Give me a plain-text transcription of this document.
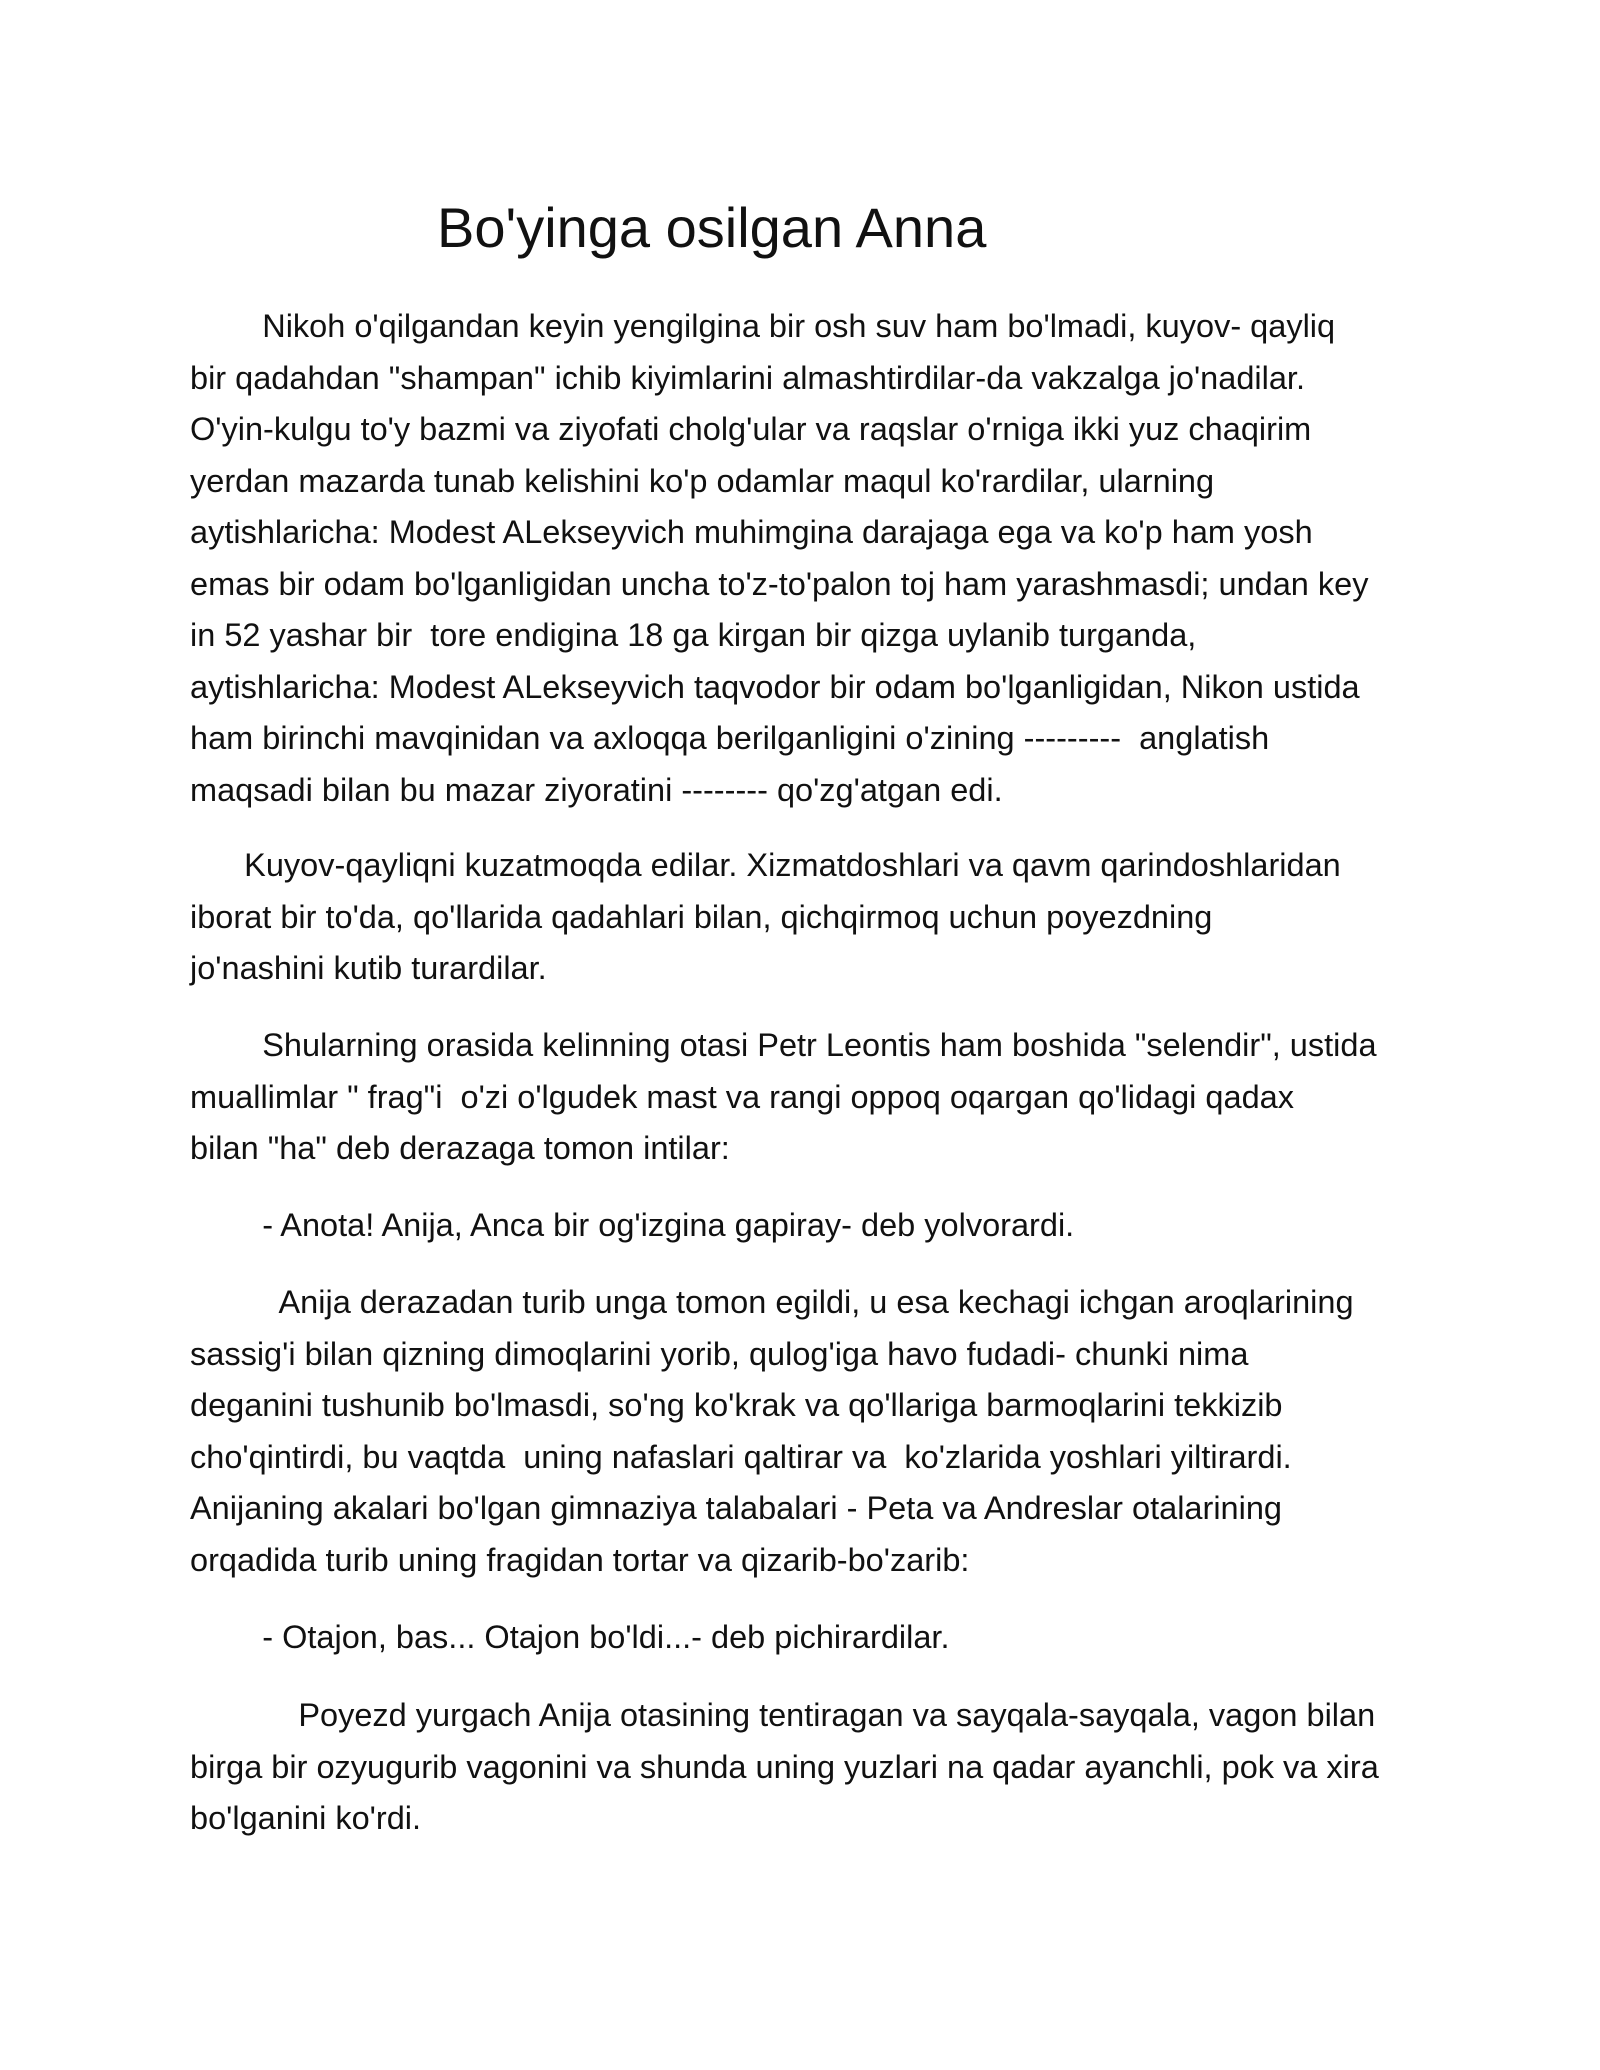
Bo'yinga osilgan Anna

Nikoh o'qilgandan keyin yengilgina bir osh suv ham bo'lmadi, kuyov- qayliq
bir qadahdan "shampan" ichib kiyimlarini almashtirdilar-da vakzalga jo'nadilar.
O'yin-kulgu to'y bazmi va ziyofati cholg'ular va raqslar o'rniga ikki yuz chaqirim
yerdan mazarda tunab kelishini ko'p odamlar maqul ko'rardilar, ularning
aytishlaricha: Modest ALekseyvich muhimgina darajaga ega va ko'p ham yosh
emas bir odam bo'lganligidan uncha to'z-to'palon toj ham yarashmasdi; undan key
in 52 yashar bir  tore endigina 18 ga kirgan bir qizga uylanib turganda,
aytishlaricha: Modest ALekseyvich taqvodor bir odam bo'lganligidan, Nikon ustida
ham birinchi mavqinidan va axloqqa berilganligini o'zining ---------  anglatish
maqsadi bilan bu mazar ziyoratini -------- qo'zg'atgan edi.

Kuyov-qayliqni kuzatmoqda edilar. Xizmatdoshlari va qavm qarindoshlaridan
iborat bir to'da, qo'llarida qadahlari bilan, qichqirmoq uchun poyezdning
jo'nashini kutib turardilar.

Shularning orasida kelinning otasi Petr Leontis ham boshida "selendir", ustida
muallimlar " frag"i  o'zi o'lgudek mast va rangi oppoq oqargan qo'lidagi qadax
bilan "ha" deb derazaga tomon intilar:

- Anota! Anija, Anca bir og'izgina gapiray- deb yolvorardi.

Anija derazadan turib unga tomon egildi, u esa kechagi ichgan aroqlarining
sassig'i bilan qizning dimoqlarini yorib, qulog'iga havo fudadi- chunki nima
deganini tushunib bo'lmasdi, so'ng ko'krak va qo'llariga barmoqlarini tekkizib
cho'qintirdi, bu vaqtda  uning nafaslari qaltirar va  ko'zlarida yoshlari yiltirardi.
Anijaning akalari bo'lgan gimnaziya talabalari - Peta va Andreslar otalarining
orqadida turib uning fragidan tortar va qizarib-bo'zarib:

- Otajon, bas... Otajon bo'ldi...- deb pichirardilar.

Poyezd yurgach Anija otasining tentiragan va sayqala-sayqala, vagon bilan
birga bir ozyugurib vagonini va shunda uning yuzlari na qadar ayanchli, pok va xira
bo'lganini ko'rdi.
